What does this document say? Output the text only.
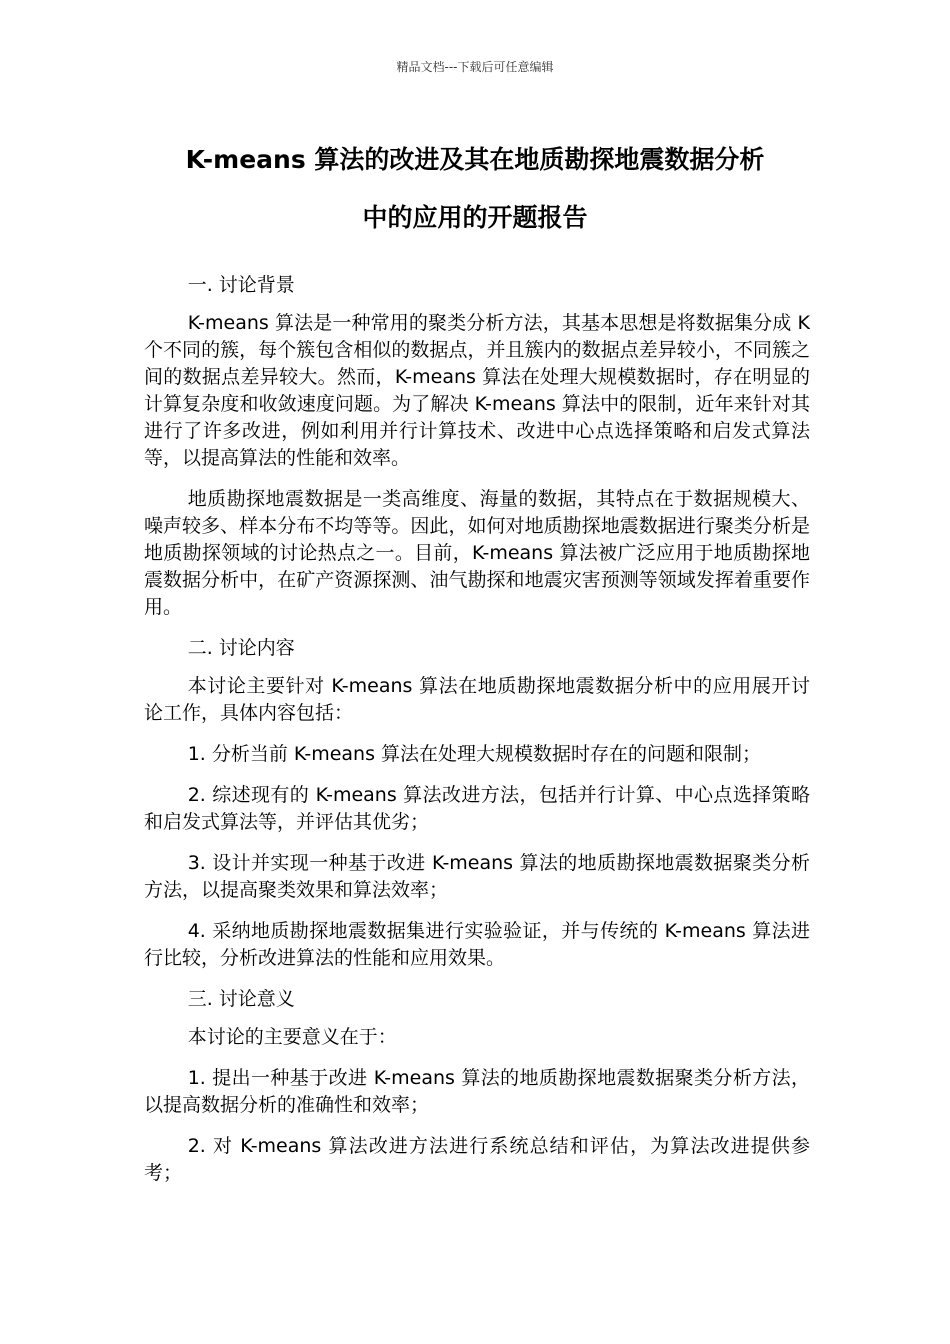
精品文档---下载后可任意编辑
K-means 算法的改进及其在地质勘探地震数据分析
中的应用的开题报告

一. 讨论背景

K-means 算法是一种常用的聚类分析方法，其基本思想是将数据集分成 K 个不同的簇，每个簇包含相似的数据点，并且簇内的数据点差异较小，不同簇之间的数据点差异较大。然而，K-means 算法在处理大规模数据时，存在明显的计算复杂度和收敛速度问题。为了解决 K-means 算法中的限制，近年来针对其进行了许多改进，例如利用并行计算技术、改进中心点选择策略和启发式算法等，以提高算法的性能和效率。

地质勘探地震数据是一类高维度、海量的数据，其特点在于数据规模大、噪声较多、样本分布不均等等。因此，如何对地质勘探地震数据进行聚类分析是地质勘探领域的讨论热点之一。目前，K-means 算法被广泛应用于地质勘探地震数据分析中，在矿产资源探测、油气勘探和地震灾害预测等领域发挥着重要作用。

二. 讨论内容

本讨论主要针对 K-means 算法在地质勘探地震数据分析中的应用展开讨论工作，具体内容包括：

1. 分析当前 K-means 算法在处理大规模数据时存在的问题和限制；

2. 综述现有的 K-means 算法改进方法，包括并行计算、中心点选择策略和启发式算法等，并评估其优劣；

3. 设计并实现一种基于改进 K-means 算法的地质勘探地震数据聚类分析方法，以提高聚类效果和算法效率；

4. 采纳地质勘探地震数据集进行实验验证，并与传统的 K-means 算法进行比较，分析改进算法的性能和应用效果。

三. 讨论意义

本讨论的主要意义在于：

1. 提出一种基于改进 K-means 算法的地质勘探地震数据聚类分析方法，以提高数据分析的准确性和效率；

2. 对 K-means 算法改进方法进行系统总结和评估，为算法改进提供参考；
